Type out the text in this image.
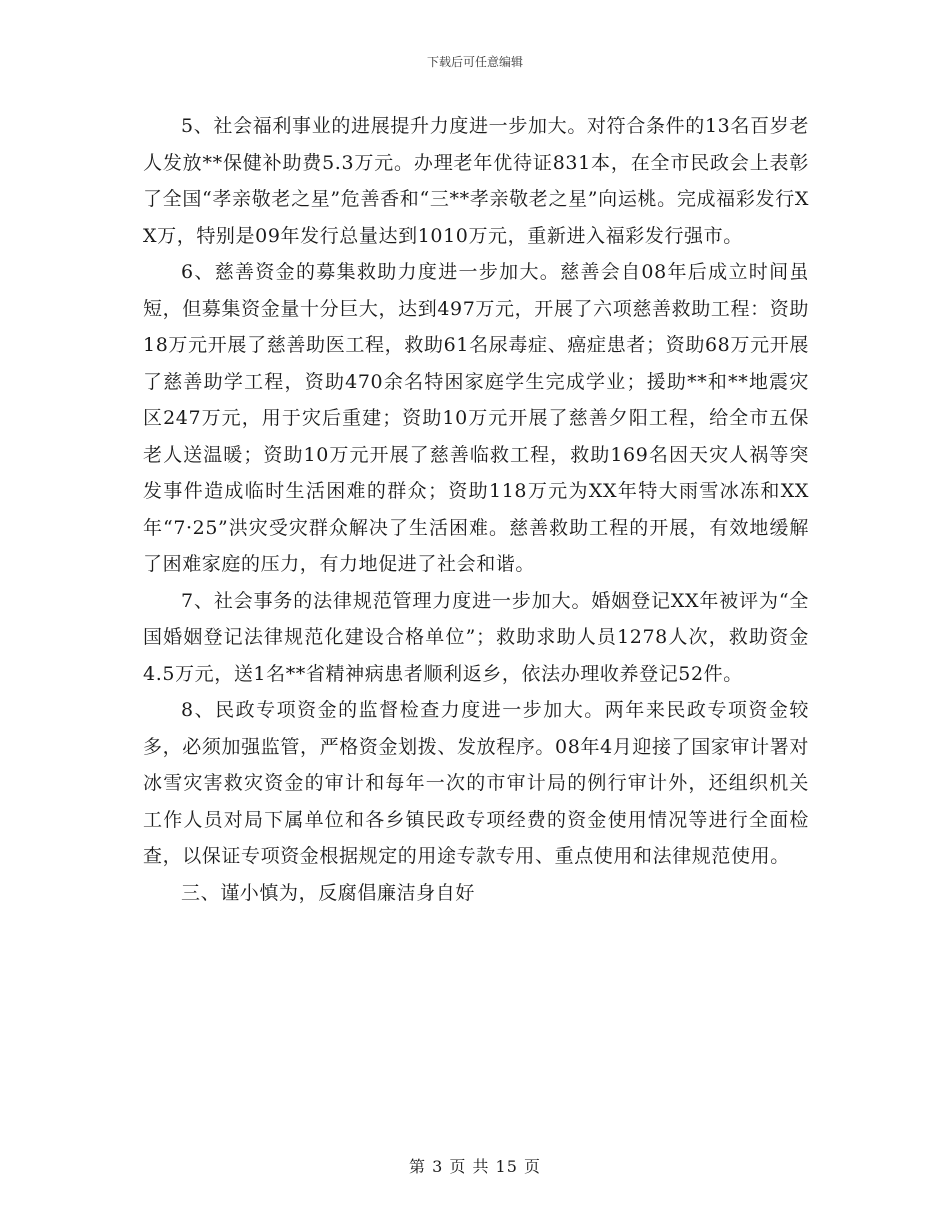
下载后可任意编辑

5、社会福利事业的进展提升力度进一步加大。对符合条件的13名百岁老人发放**保健补助费5.3万元。办理老年优待证831本，在全市民政会上表彰了全国“孝亲敬老之星”危善香和“三**孝亲敬老之星”向运桃。完成福彩发行XX万，特别是09年发行总量达到1010万元，重新进入福彩发行强市。

6、慈善资金的募集救助力度进一步加大。慈善会自08年后成立时间虽短，但募集资金量十分巨大，达到497万元，开展了六项慈善救助工程：资助18万元开展了慈善助医工程，救助61名尿毒症、癌症患者；资助68万元开展了慈善助学工程，资助470余名特困家庭学生完成学业；援助**和**地震灾区247万元，用于灾后重建；资助10万元开展了慈善夕阳工程，给全市五保老人送温暖；资助10万元开展了慈善临救工程，救助169名因天灾人祸等突发事件造成临时生活困难的群众；资助118万元为XX年特大雨雪冰冻和XX年“7·25”洪灾受灾群众解决了生活困难。慈善救助工程的开展，有效地缓解了困难家庭的压力，有力地促进了社会和谐。

7、社会事务的法律规范管理力度进一步加大。婚姻登记XX年被评为“全国婚姻登记法律规范化建设合格单位”；救助求助人员1278人次，救助资金4.5万元，送1名**省精神病患者顺利返乡，依法办理收养登记52件。

8、民政专项资金的监督检查力度进一步加大。两年来民政专项资金较多，必须加强监管，严格资金划拨、发放程序。08年4月迎接了国家审计署对冰雪灾害救灾资金的审计和每年一次的市审计局的例行审计外，还组织机关工作人员对局下属单位和各乡镇民政专项经费的资金使用情况等进行全面检查，以保证专项资金根据规定的用途专款专用、重点使用和法律规范使用。

三、谨小慎为，反腐倡廉洁身自好

第 3 页 共 15 页
